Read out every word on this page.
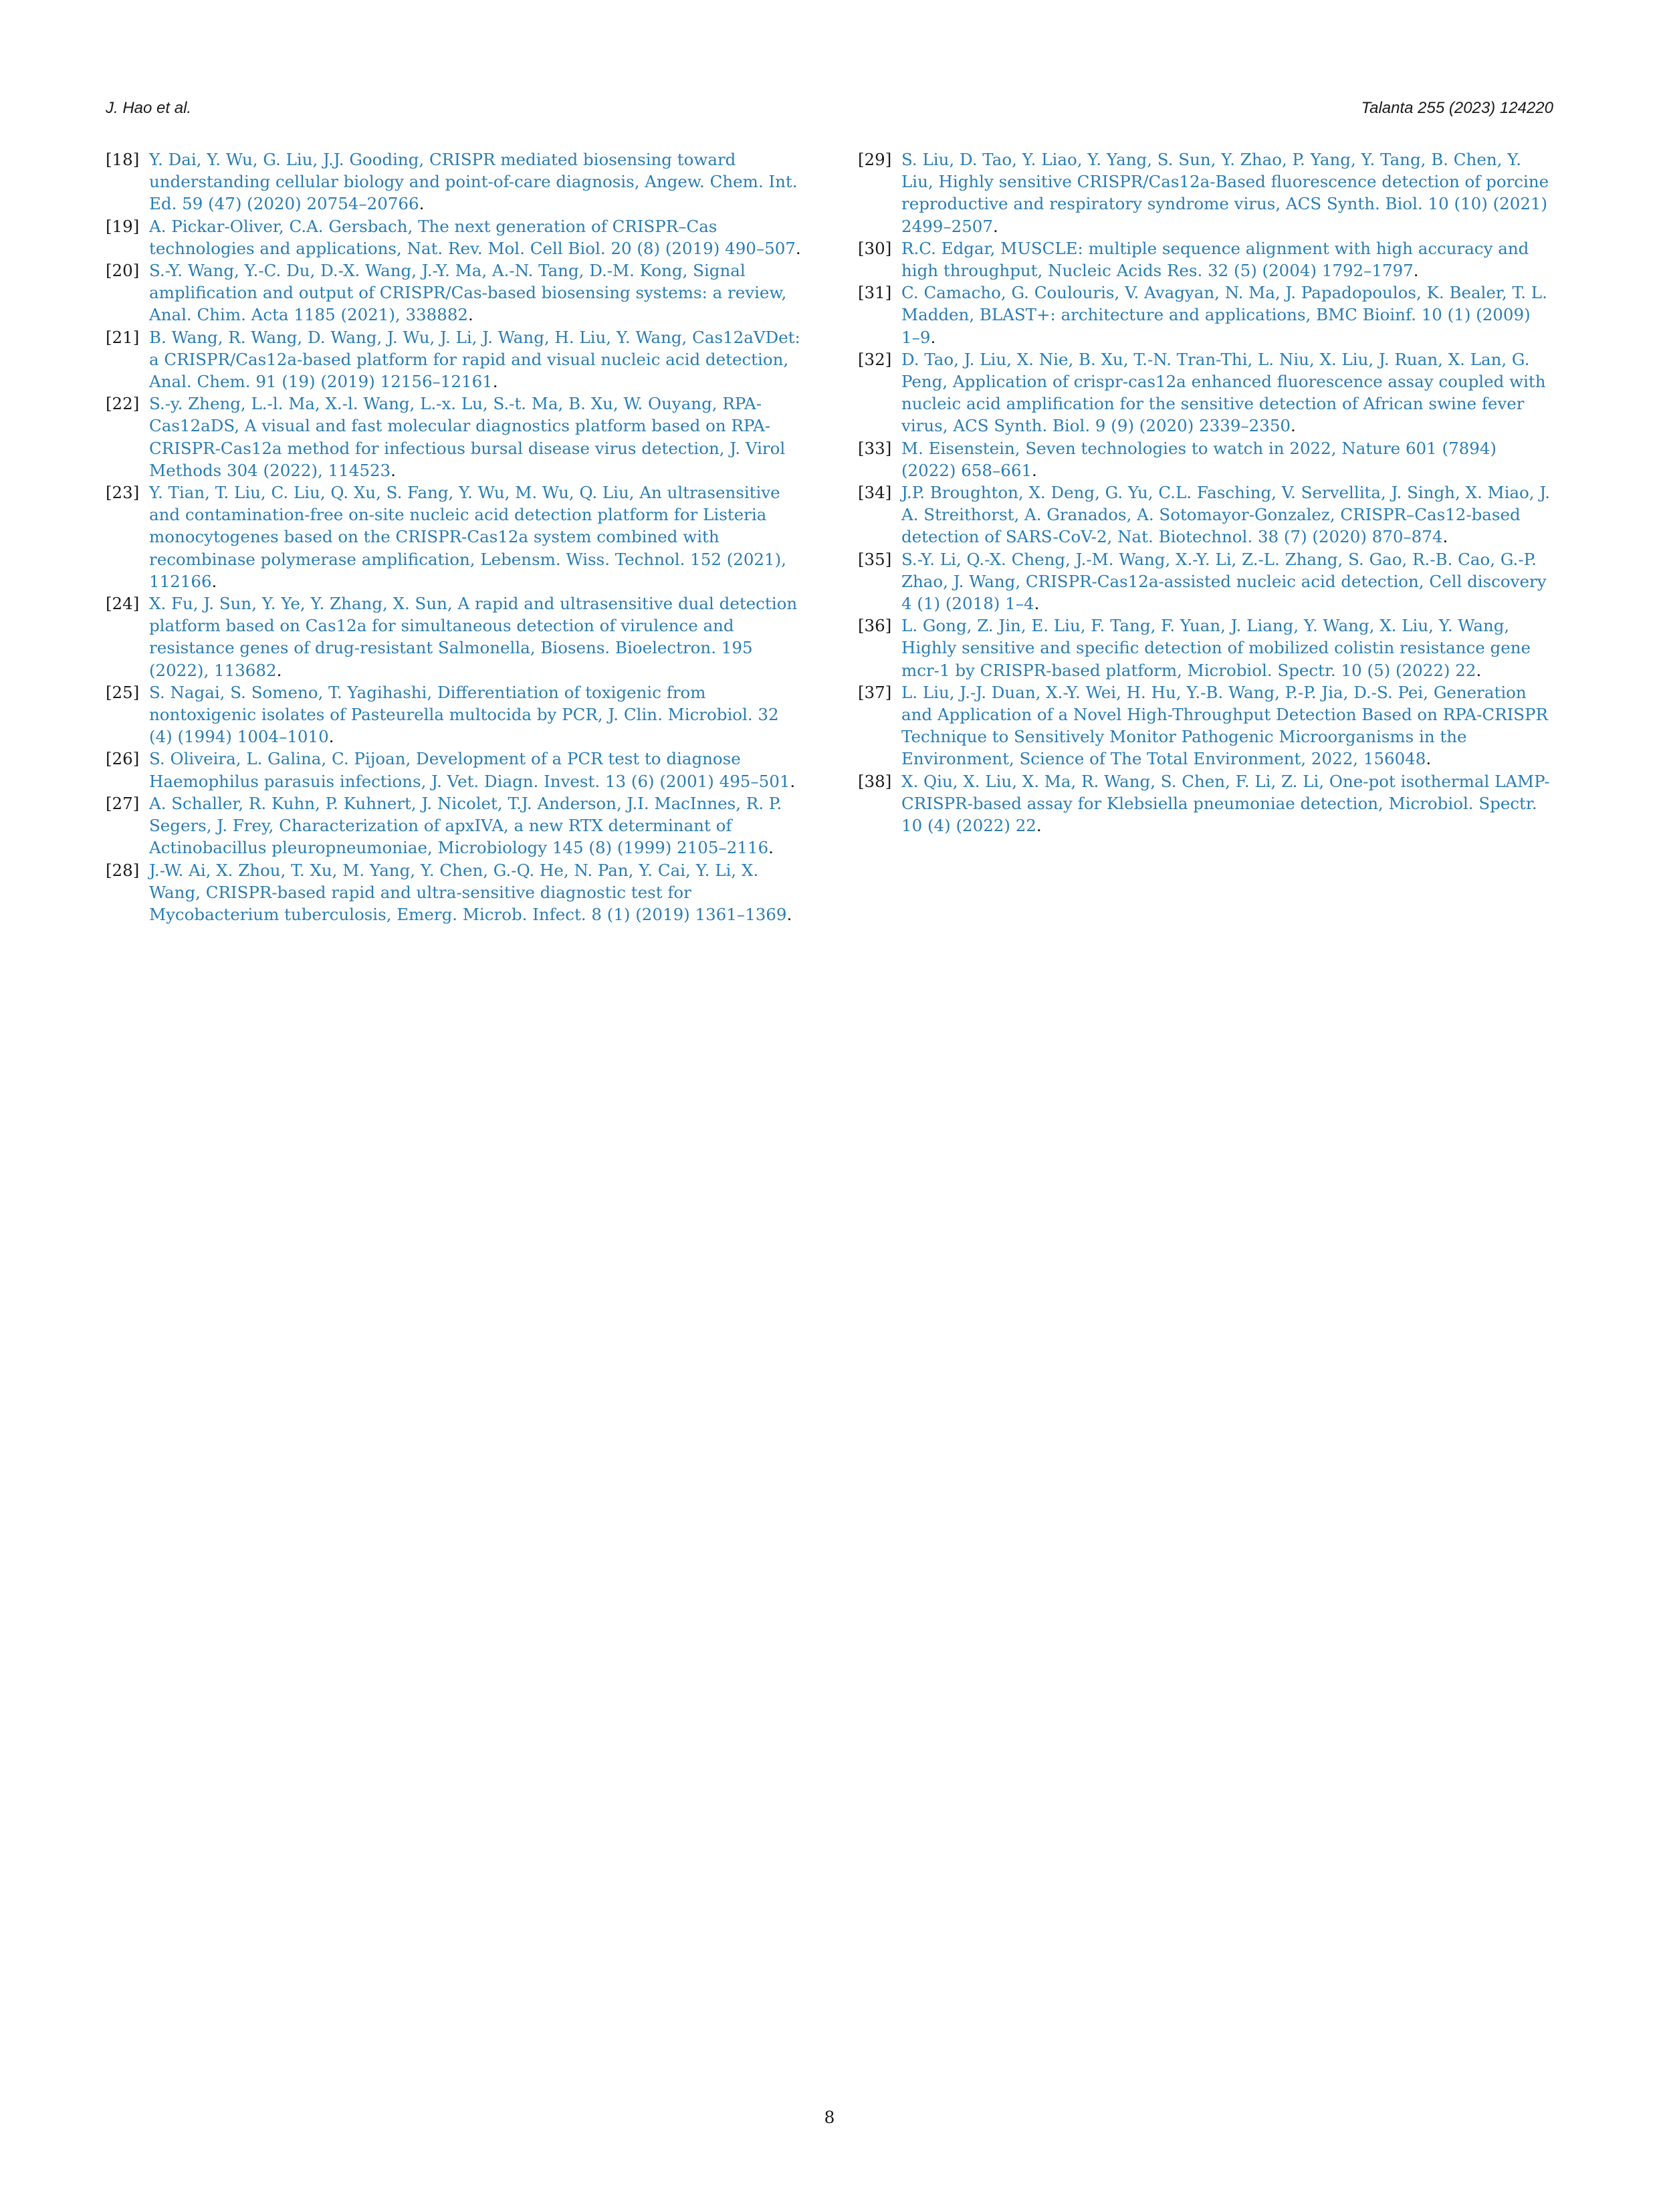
J. Hao et al.	Talanta 255 (2023) 124220
[18] Y. Dai, Y. Wu, G. Liu, J.J. Gooding, CRISPR mediated biosensing toward understanding cellular biology and point-of-care diagnosis, Angew. Chem. Int. Ed. 59 (47) (2020) 20754–20766.
[19] A. Pickar-Oliver, C.A. Gersbach, The next generation of CRISPR–Cas technologies and applications, Nat. Rev. Mol. Cell Biol. 20 (8) (2019) 490–507.
[20] S.-Y. Wang, Y.-C. Du, D.-X. Wang, J.-Y. Ma, A.-N. Tang, D.-M. Kong, Signal amplification and output of CRISPR/Cas-based biosensing systems: a review, Anal. Chim. Acta 1185 (2021), 338882.
[21] B. Wang, R. Wang, D. Wang, J. Wu, J. Li, J. Wang, H. Liu, Y. Wang, Cas12aVDet: a CRISPR/Cas12a-based platform for rapid and visual nucleic acid detection, Anal. Chem. 91 (19) (2019) 12156–12161.
[22] S.-y. Zheng, L.-l. Ma, X.-l. Wang, L.-x. Lu, S.-t. Ma, B. Xu, W. Ouyang, RPA-Cas12aDS, A visual and fast molecular diagnostics platform based on RPA-CRISPR-Cas12a method for infectious bursal disease virus detection, J. Virol Methods 304 (2022), 114523.
[23] Y. Tian, T. Liu, C. Liu, Q. Xu, S. Fang, Y. Wu, M. Wu, Q. Liu, An ultrasensitive and contamination-free on-site nucleic acid detection platform for Listeria monocytogenes based on the CRISPR-Cas12a system combined with recombinase polymerase amplification, Lebensm. Wiss. Technol. 152 (2021), 112166.
[24] X. Fu, J. Sun, Y. Ye, Y. Zhang, X. Sun, A rapid and ultrasensitive dual detection platform based on Cas12a for simultaneous detection of virulence and resistance genes of drug-resistant Salmonella, Biosens. Bioelectron. 195 (2022), 113682.
[25] S. Nagai, S. Someno, T. Yagihashi, Differentiation of toxigenic from nontoxigenic isolates of Pasteurella multocida by PCR, J. Clin. Microbiol. 32 (4) (1994) 1004–1010.
[26] S. Oliveira, L. Galina, C. Pijoan, Development of a PCR test to diagnose Haemophilus parasuis infections, J. Vet. Diagn. Invest. 13 (6) (2001) 495–501.
[27] A. Schaller, R. Kuhn, P. Kuhnert, J. Nicolet, T.J. Anderson, J.I. MacInnes, R. P. Segers, J. Frey, Characterization of apxIVA, a new RTX determinant of Actinobacillus pleuropneumoniae, Microbiology 145 (8) (1999) 2105–2116.
[28] J.-W. Ai, X. Zhou, T. Xu, M. Yang, Y. Chen, G.-Q. He, N. Pan, Y. Cai, Y. Li, X. Wang, CRISPR-based rapid and ultra-sensitive diagnostic test for Mycobacterium tuberculosis, Emerg. Microb. Infect. 8 (1) (2019) 1361–1369.
[29] S. Liu, D. Tao, Y. Liao, Y. Yang, S. Sun, Y. Zhao, P. Yang, Y. Tang, B. Chen, Y. Liu, Highly sensitive CRISPR/Cas12a-Based fluorescence detection of porcine reproductive and respiratory syndrome virus, ACS Synth. Biol. 10 (10) (2021) 2499–2507.
[30] R.C. Edgar, MUSCLE: multiple sequence alignment with high accuracy and high throughput, Nucleic Acids Res. 32 (5) (2004) 1792–1797.
[31] C. Camacho, G. Coulouris, V. Avagyan, N. Ma, J. Papadopoulos, K. Bealer, T. L. Madden, BLAST+: architecture and applications, BMC Bioinf. 10 (1) (2009) 1–9.
[32] D. Tao, J. Liu, X. Nie, B. Xu, T.-N. Tran-Thi, L. Niu, X. Liu, J. Ruan, X. Lan, G. Peng, Application of crispr-cas12a enhanced fluorescence assay coupled with nucleic acid amplification for the sensitive detection of African swine fever virus, ACS Synth. Biol. 9 (9) (2020) 2339–2350.
[33] M. Eisenstein, Seven technologies to watch in 2022, Nature 601 (7894) (2022) 658–661.
[34] J.P. Broughton, X. Deng, G. Yu, C.L. Fasching, V. Servellita, J. Singh, X. Miao, J. A. Streithorst, A. Granados, A. Sotomayor-Gonzalez, CRISPR–Cas12-based detection of SARS-CoV-2, Nat. Biotechnol. 38 (7) (2020) 870–874.
[35] S.-Y. Li, Q.-X. Cheng, J.-M. Wang, X.-Y. Li, Z.-L. Zhang, S. Gao, R.-B. Cao, G.-P. Zhao, J. Wang, CRISPR-Cas12a-assisted nucleic acid detection, Cell discovery 4 (1) (2018) 1–4.
[36] L. Gong, Z. Jin, E. Liu, F. Tang, F. Yuan, J. Liang, Y. Wang, X. Liu, Y. Wang, Highly sensitive and specific detection of mobilized colistin resistance gene mcr-1 by CRISPR-based platform, Microbiol. Spectr. 10 (5) (2022) 22.
[37] L. Liu, J.-J. Duan, X.-Y. Wei, H. Hu, Y.-B. Wang, P.-P. Jia, D.-S. Pei, Generation and Application of a Novel High-Throughput Detection Based on RPA-CRISPR Technique to Sensitively Monitor Pathogenic Microorganisms in the Environment, Science of The Total Environment, 2022, 156048.
[38] X. Qiu, X. Liu, X. Ma, R. Wang, S. Chen, F. Li, Z. Li, One-pot isothermal LAMP-CRISPR-based assay for Klebsiella pneumoniae detection, Microbiol. Spectr. 10 (4) (2022) 22.
8
